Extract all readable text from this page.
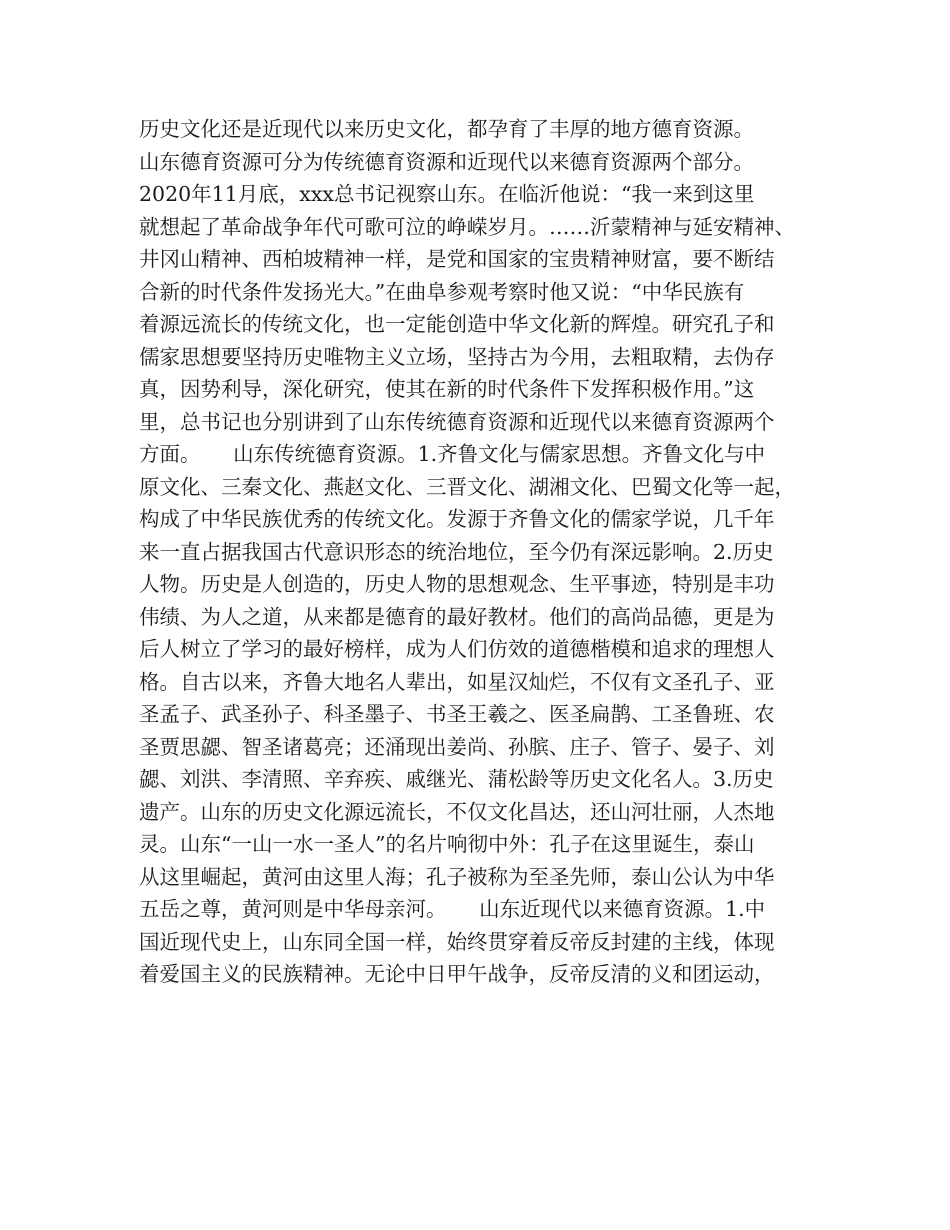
历史文化还是近现代以来历史文化，都孕育了丰厚的地方德育资源。
山东德育资源可分为传统德育资源和近现代以来德育资源两个部分。
2020年11月底，xxx总书记视察山东。在临沂他说：“我一来到这里
就想起了革命战争年代可歌可泣的峥嵘岁月。……沂蒙精神与延安精神、
井冈山精神、西柏坡精神一样，是党和国家的宝贵精神财富，要不断结
合新的时代条件发扬光大。”在曲阜参观考察时他又说：“中华民族有
着源远流长的传统文化，也一定能创造中华文化新的辉煌。研究孔子和
儒家思想要坚持历史唯物主义立场，坚持古为今用，去粗取精，去伪存
真，因势利导，深化研究，使其在新的时代条件下发挥积极作用。”这
里，总书记也分别讲到了山东传统德育资源和近现代以来德育资源两个
方面。     山东传统德育资源。1.齐鲁文化与儒家思想。齐鲁文化与中
原文化、三秦文化、燕赵文化、三晋文化、湖湘文化、巴蜀文化等一起，
构成了中华民族优秀的传统文化。发源于齐鲁文化的儒家学说，几千年
来一直占据我国古代意识形态的统治地位，至今仍有深远影响。2.历史
人物。历史是人创造的，历史人物的思想观念、生平事迹，特别是丰功
伟绩、为人之道，从来都是德育的最好教材。他们的高尚品德，更是为
后人树立了学习的最好榜样，成为人们仿效的道德楷模和追求的理想人
格。自古以来，齐鲁大地名人辈出，如星汉灿烂，不仅有文圣孔子、亚
圣孟子、武圣孙子、科圣墨子、书圣王羲之、医圣扁鹊、工圣鲁班、农
圣贾思勰、智圣诸葛亮；还涌现出姜尚、孙膑、庄子、管子、晏子、刘
勰、刘洪、李清照、辛弃疾、戚继光、蒲松龄等历史文化名人。3.历史
遗产。山东的历史文化源远流长，不仅文化昌达，还山河壮丽，人杰地
灵。山东“一山一水一圣人”的名片响彻中外：孔子在这里诞生，泰山
从这里崛起，黄河由这里人海；孔子被称为至圣先师，泰山公认为中华
五岳之尊，黄河则是中华母亲河。     山东近现代以来德育资源。1.中
国近现代史上，山东同全国一样，始终贯穿着反帝反封建的主线，体现
着爱国主义的民族精神。无论中日甲午战争，反帝反清的义和团运动，
